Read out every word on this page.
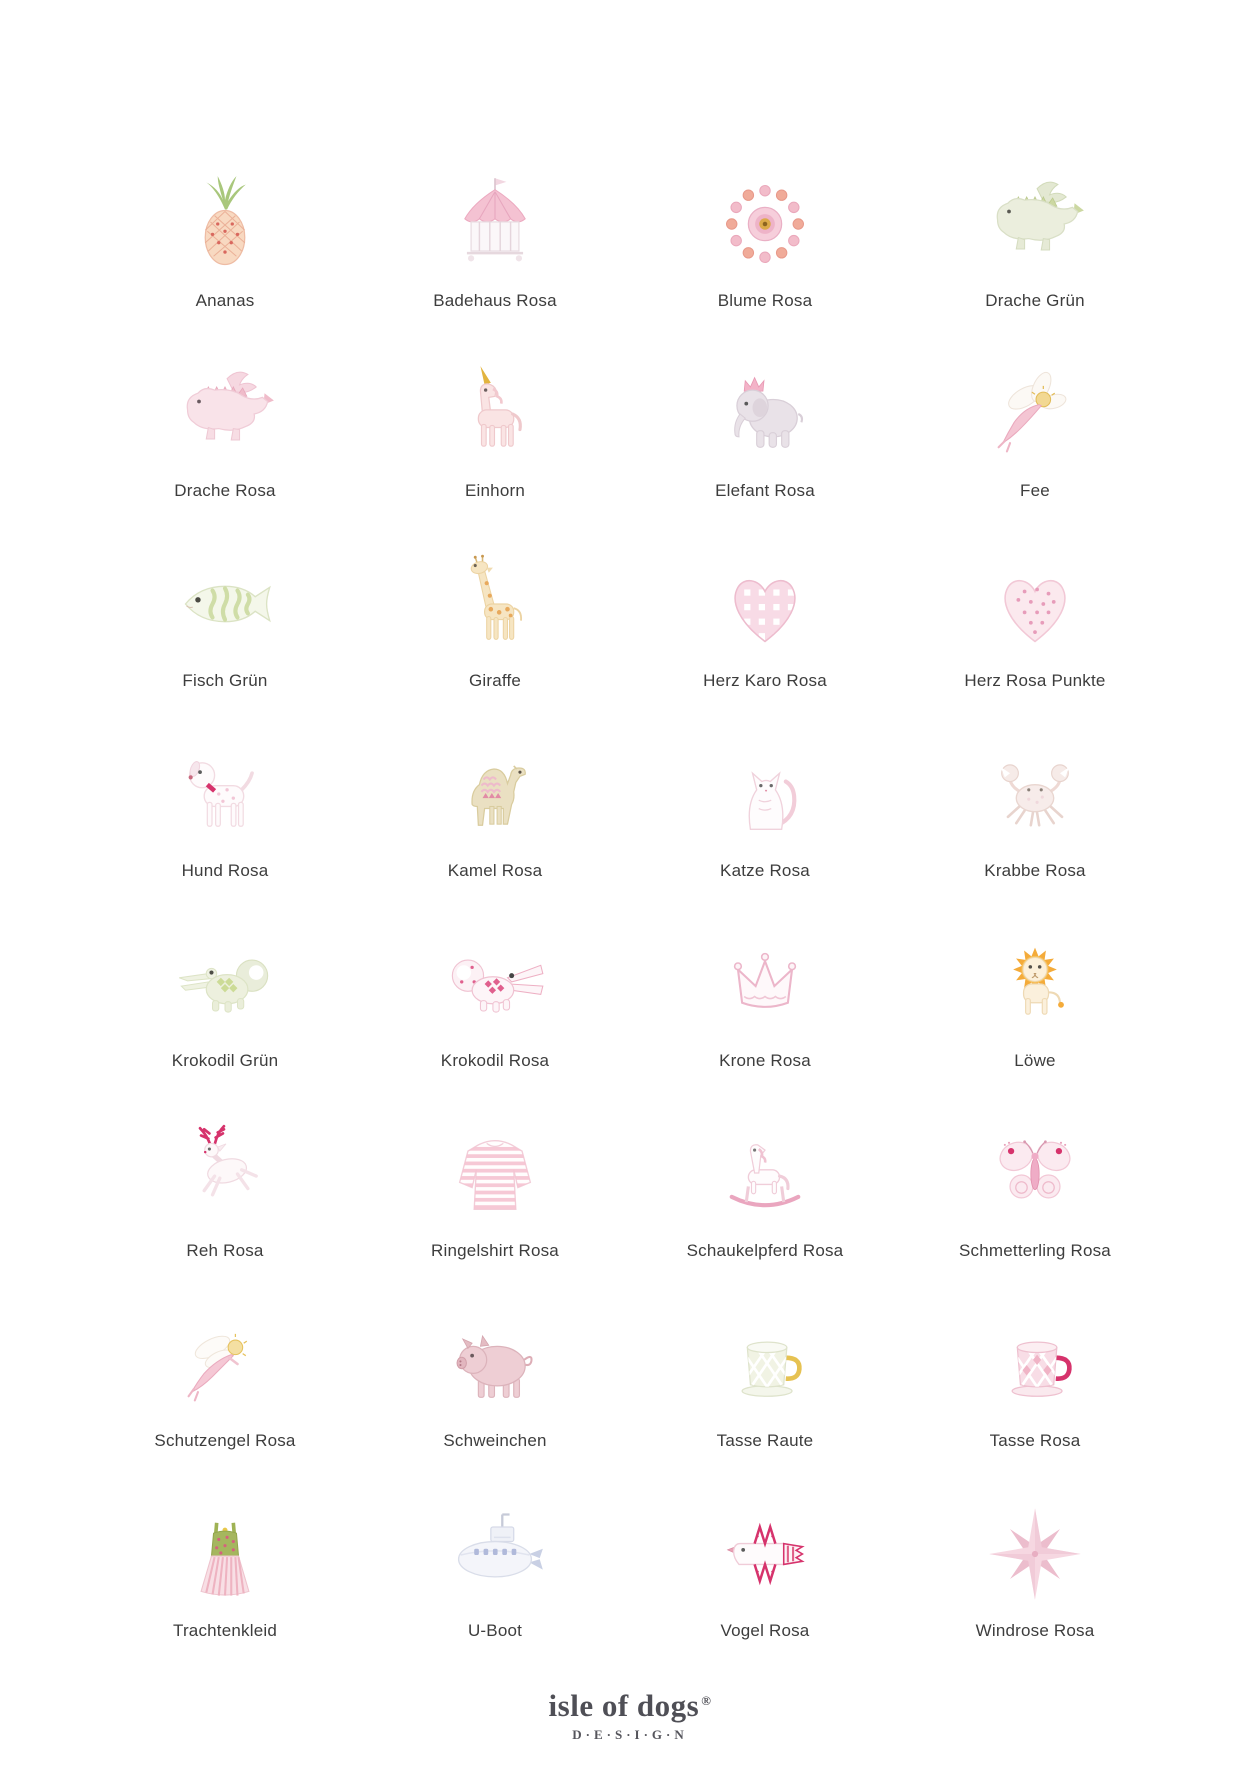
Ananas	Badehaus Rosa	Blume Rosa	Drache Grün
Drache Rosa	Einhorn	Elefant Rosa	Fee
Fisch Grün	Giraffe	Herz Karo Rosa	Herz Rosa Punkte
Hund Rosa	Kamel Rosa	Katze Rosa	Krabbe Rosa
Krokodil Grün	Krokodil Rosa	Krone Rosa	Löwe
Reh Rosa	Ringelshirt Rosa	Schaukelpferd Rosa	Schmetterling Rosa
Schutzengel Rosa	Schweinchen	Tasse Raute	Tasse Rosa
Trachtenkleid	U-Boot	Vogel Rosa	Windrose Rosa
isle of dogs ®
D·E·S·I·G·N
